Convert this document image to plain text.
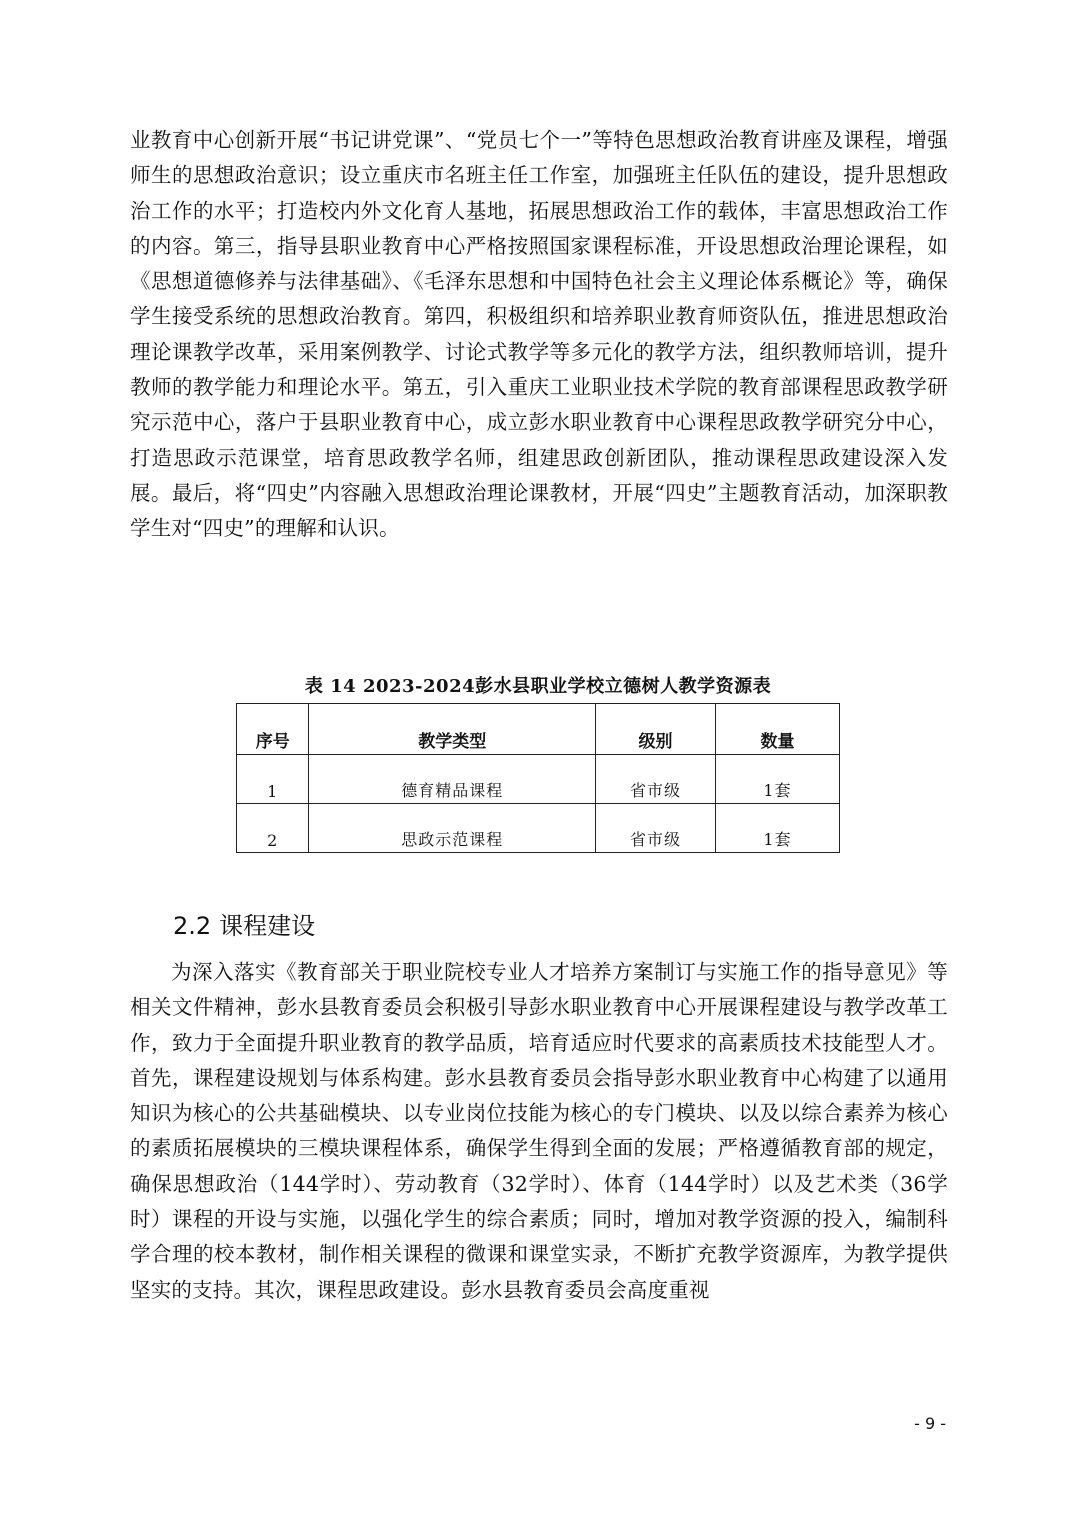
业教育中心创新开展“书记讲党课”、“党员七个一”等特色思想政治教育讲座及课程，增强师生的思想政治意识；设立重庆市名班主任工作室，加强班主任队伍的建设，提升思想政治工作的水平；打造校内外文化育人基地，拓展思想政治工作的载体，丰富思想政治工作的内容。第三，指导县职业教育中心严格按照国家课程标准，开设思想政治理论课程，如《思想道德修养与法律基础》、《毛泽东思想和中国特色社会主义理论体系概论》等，确保学生接受系统的思想政治教育。第四，积极组织和培养职业教育师资队伍，推进思想政治理论课教学改革，采用案例教学、讨论式教学等多元化的教学方法，组织教师培训，提升教师的教学能力和理论水平。第五，引入重庆工业职业技术学院的教育部课程思政教学研究示范中心，落户于县职业教育中心，成立彭水职业教育中心课程思政教学研究分中心，打造思政示范课堂，培育思政教学名师，组建思政创新团队，推动课程思政建设深入发展。最后，将“四史”内容融入思想政治理论课教材，开展“四史”主题教育活动，加深职教学生对“四史”的理解和认识。

表 14 2023-2024彭水县职业学校立德树人教学资源表
序号	教学类型	级别	数量
1	德育精品课程	省市级	1套
2	思政示范课程	省市级	1套
2.2 课程建设

为深入落实《教育部关于职业院校专业人才培养方案制订与实施工作的指导意见》等相关文件精神，彭水县教育委员会积极引导彭水职业教育中心开展课程建设与教学改革工作，致力于全面提升职业教育的教学品质，培育适应时代要求的高素质技术技能型人才。首先，课程建设规划与体系构建。彭水县教育委员会指导彭水职业教育中心构建了以通用知识为核心的公共基础模块、以专业岗位技能为核心的专门模块、以及以综合素养为核心的素质拓展模块的三模块课程体系，确保学生得到全面的发展；严格遵循教育部的规定，确保思想政治（144学时）、劳动教育（32学时）、体育（144学时）以及艺术类（36学时）课程的开设与实施，以强化学生的综合素质；同时，增加对教学资源的投入，编制科学合理的校本教材，制作相关课程的微课和课堂实录，不断扩充教学资源库，为教学提供坚实的支持。其次，课程思政建设。彭水县教育委员会高度重视

- 9 -
